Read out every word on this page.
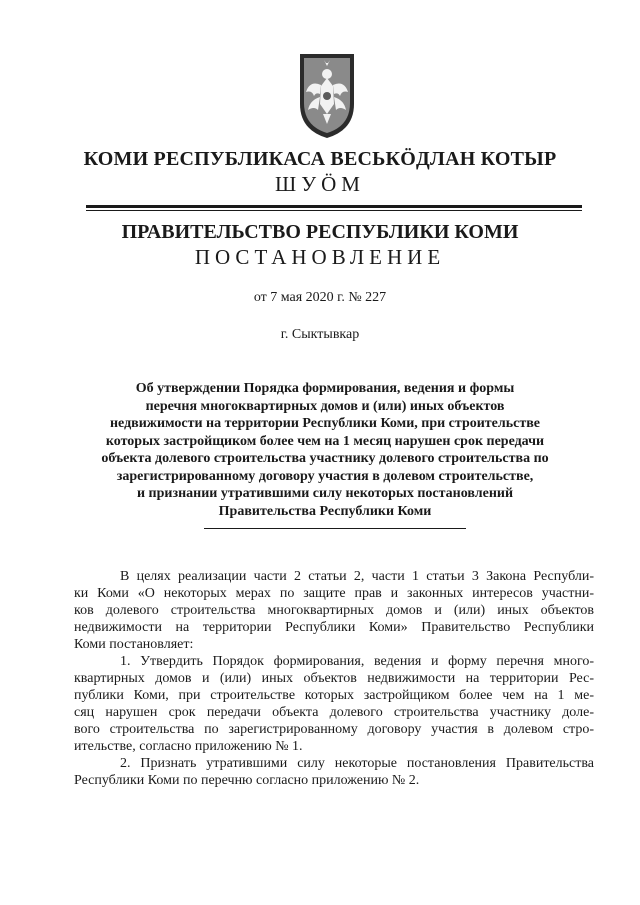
КОМИ РЕСПУБЛИКАСА ВЕСЬКÖДЛАН КОТЫР
ШУÖМ
ПРАВИТЕЛЬСТВО РЕСПУБЛИКИ КОМИ
ПОСТАНОВЛЕНИЕ
от 7 мая 2020 г. № 227
г. Сыктывкар
Об утверждении Порядка формирования, ведения и формы
перечня многоквартирных домов и (или) иных объектов
недвижимости на территории Республики Коми, при строительстве
которых застройщиком более чем на 1 месяц нарушен срок передачи
объекта долевого строительства участнику долевого строительства по
зарегистрированному договору участия в долевом строительстве,
и признании утратившими силу некоторых постановлений
Правительства Республики Коми
В целях реализации части 2 статьи 2, части 1 статьи 3 Закона Республи-
ки Коми «О некоторых мерах по защите прав и законных интересов участни-
ков долевого строительства многоквартирных домов и (или) иных объектов
недвижимости на территории Республики Коми» Правительство Республики
Коми постановляет:
1. Утвердить Порядок формирования, ведения и форму перечня много-
квартирных домов и (или) иных объектов недвижимости на территории Рес-
публики Коми, при строительстве которых застройщиком более чем на 1 ме-
сяц нарушен срок передачи объекта долевого строительства участнику доле-
вого строительства по зарегистрированному договору участия в долевом стро-
ительстве, согласно приложению № 1.
2. Признать утратившими силу некоторые постановления Правительства
Республики Коми по перечню согласно приложению № 2.
